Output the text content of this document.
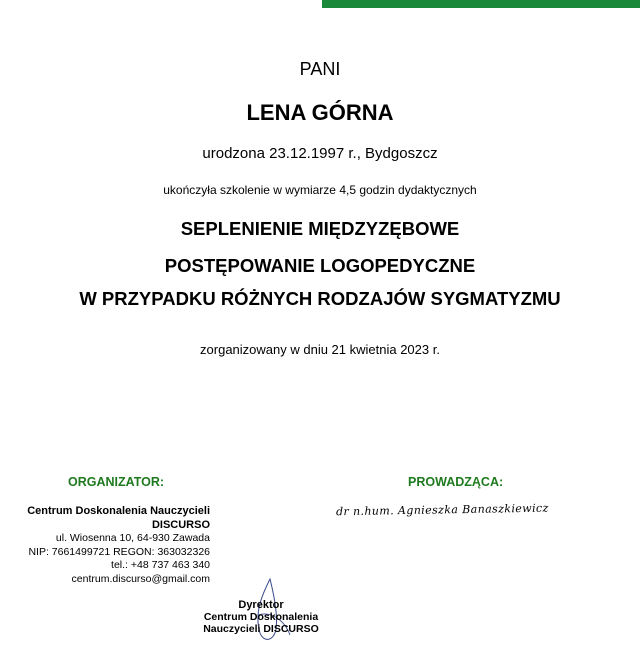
PANI
LENA GÓRNA
urodzona 23.12.1997 r., Bydgoszcz
ukończyła szkolenie w wymiarze 4,5 godzin dydaktycznych
SEPLENIENIE MIĘDZYZĘBOWE
POSTĘPOWANIE LOGOPEDYCZNE
W PRZYPADKU RÓŻNYCH RODZAJÓW SYGMATYZMU
zorganizowany w dniu 21 kwietnia 2023 r.
ORGANIZATOR:	PROWADZĄCA:
Centrum Doskonalenia Nauczycieli
DISCURSO
ul. Wiosenna 10, 64-930 Zawada
NIP: 7661499721 REGON: 363032326
tel.: +48 737 463 340
centrum.discurso@gmail.com
dr n.hum. Agnieszka Banaszkiewicz
Dyrektor
Centrum Doskonalenia
Nauczycieli DISCURSO
